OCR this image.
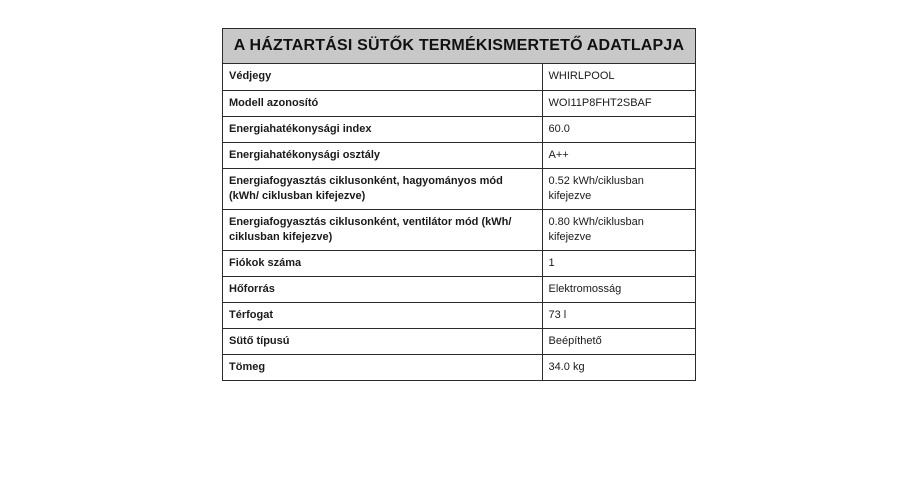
A HÁZTARTÁSI SÜTŐK TERMÉKISMERTETŐ ADATLAPJA
Védjegy	WHIRLPOOL
Modell azonosító	WOI11P8FHT2SBAF
Energiahatékonysági index	60.0
Energiahatékonysági osztály	A++
Energiafogyasztás ciklusonként, hagyományos mód (kWh/ ciklusban kifejezve)	0.52 kWh/ciklusban kifejezve
Energiafogyasztás ciklusonként, ventilátor mód (kWh/ ciklusban kifejezve)	0.80 kWh/ciklusban kifejezve
Fiókok száma	1
Hőforrás	Elektromosság
Térfogat	73 l
Sütő típusú	Beépíthető
Tömeg	34.0 kg
